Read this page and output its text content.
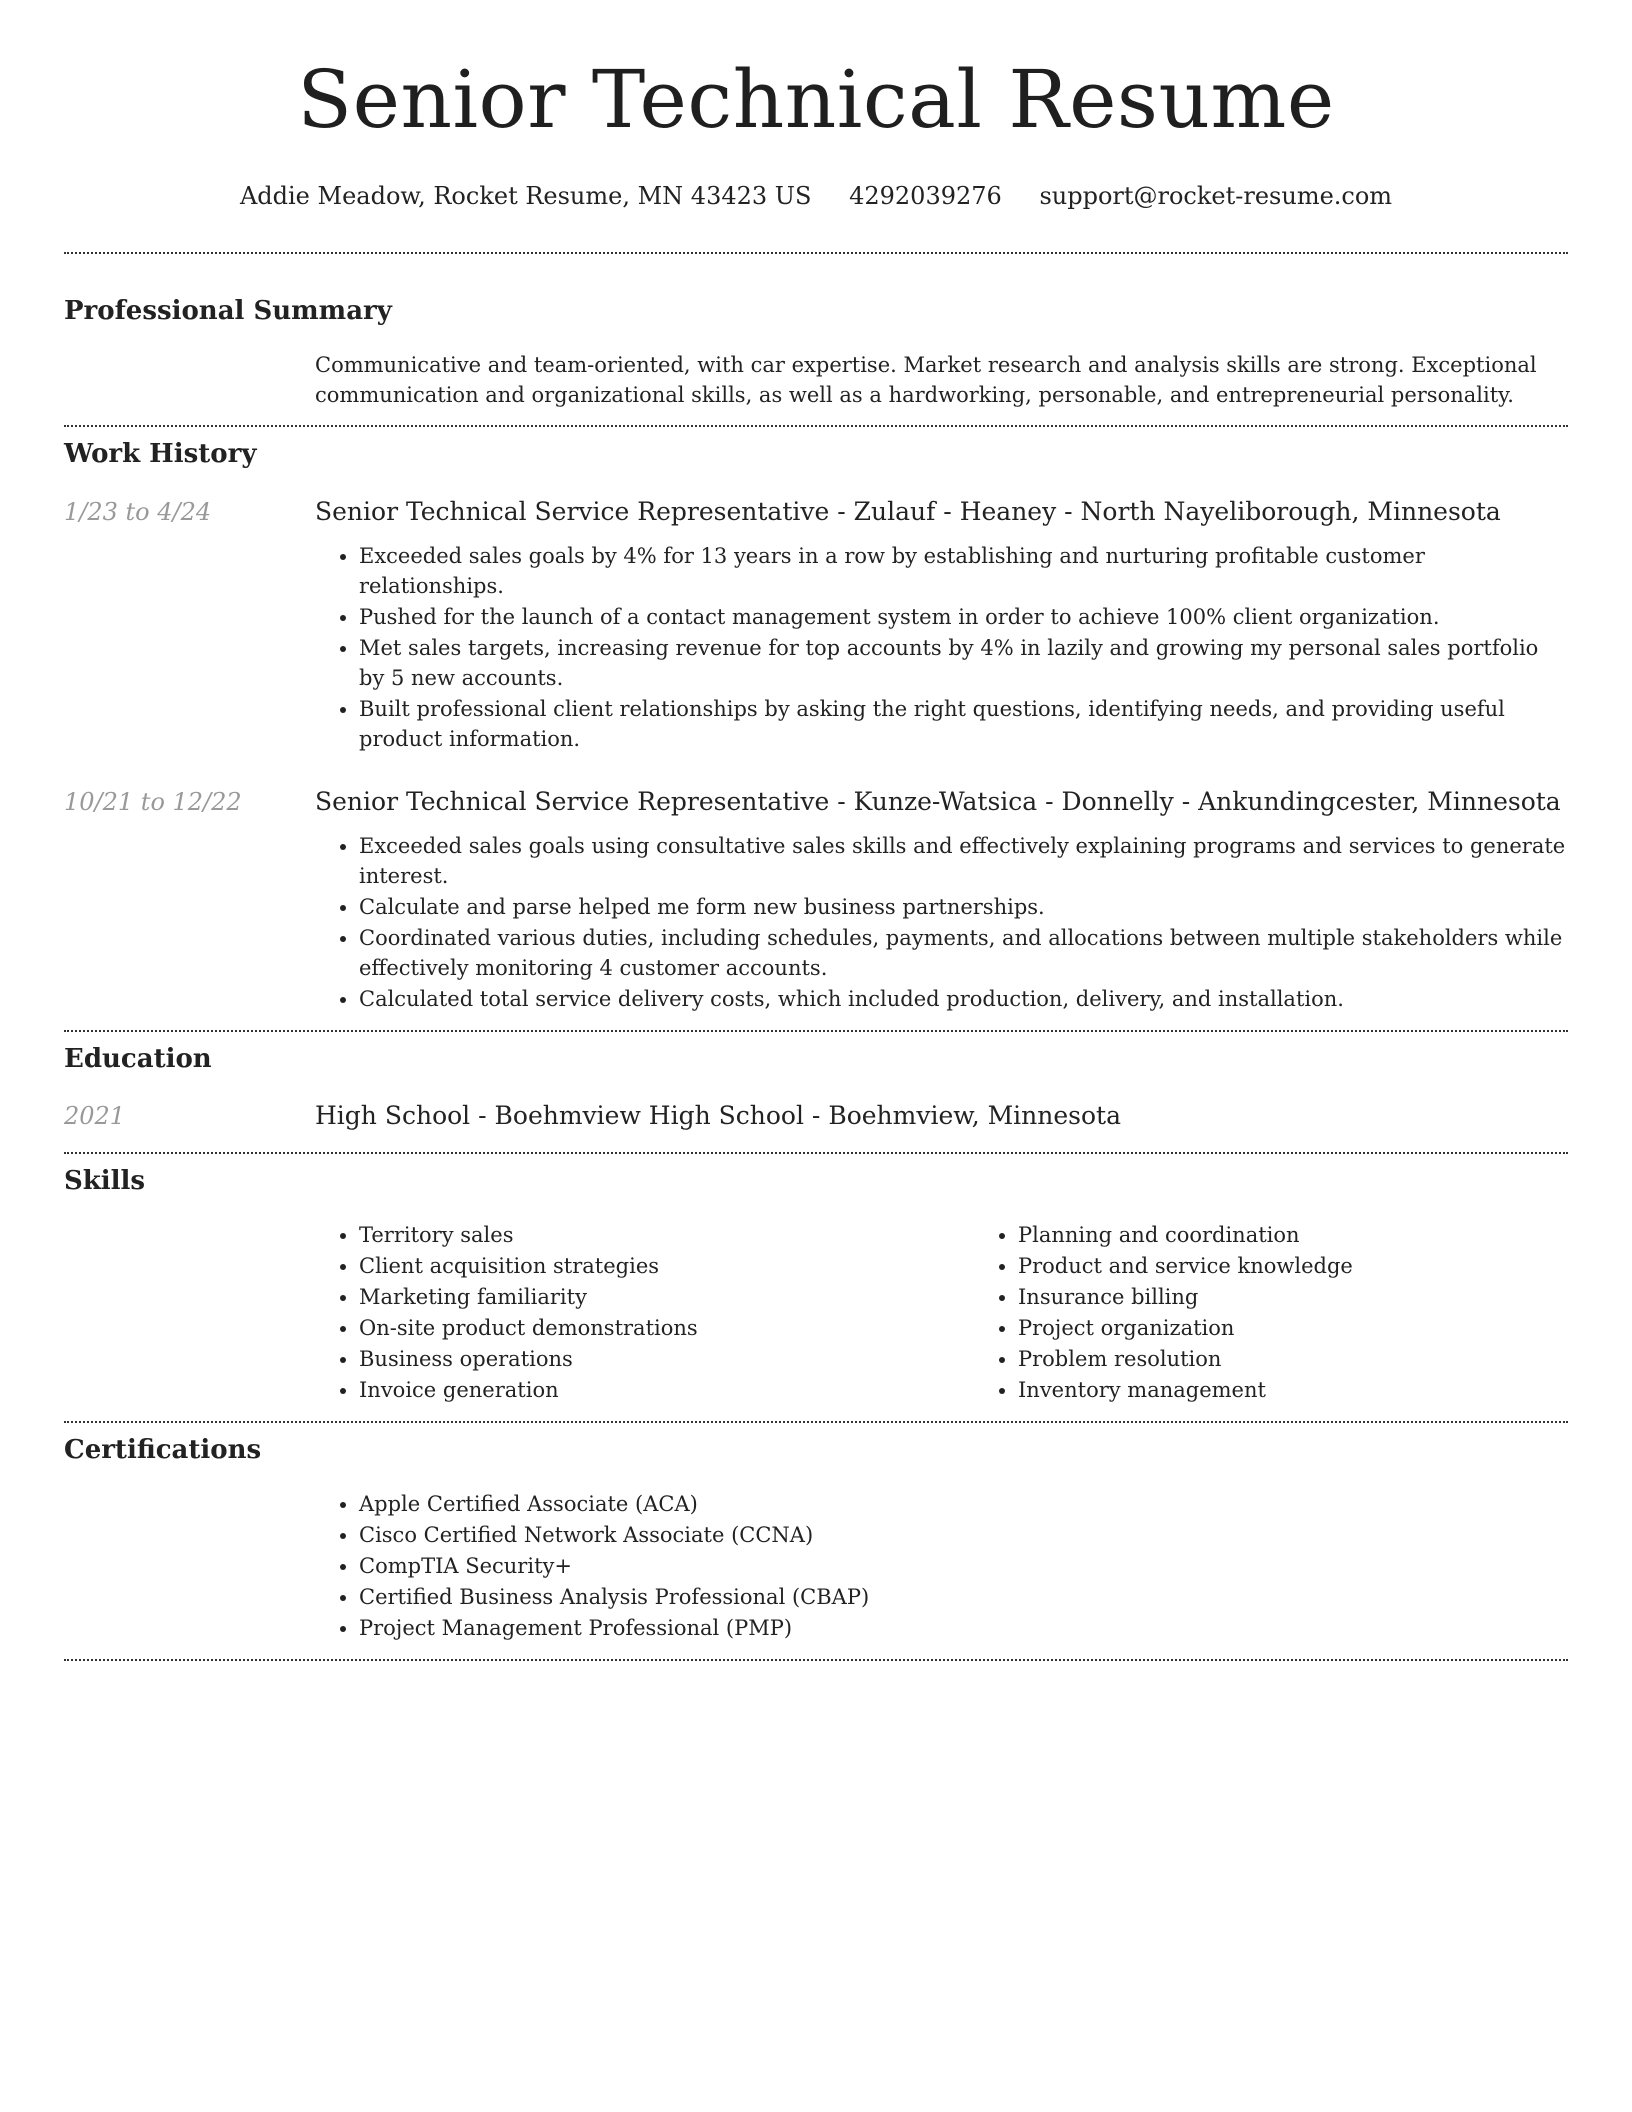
Senior Technical Resume
Addie Meadow, Rocket Resume, MN 43423 US 4292039276 support@rocket-resume.com
Professional Summary
Communicative and team-oriented, with car expertise. Market research and analysis skills are strong. Exceptional communication and organizational skills, as well as a hardworking, personable, and entrepreneurial personality.
Work History
1/23 to 4/24	Senior Technical Service Representative - Zulauf - Heaney - North Nayeliborough, Minnesota
• Exceeded sales goals by 4% for 13 years in a row by establishing and nurturing profitable customer relationships.
• Pushed for the launch of a contact management system in order to achieve 100% client organization.
• Met sales targets, increasing revenue for top accounts by 4% in lazily and growing my personal sales portfolio by 5 new accounts.
• Built professional client relationships by asking the right questions, identifying needs, and providing useful product information.
10/21 to 12/22	Senior Technical Service Representative - Kunze-Watsica - Donnelly - Ankundingcester, Minnesota
• Exceeded sales goals using consultative sales skills and effectively explaining programs and services to generate interest.
• Calculate and parse helped me form new business partnerships.
• Coordinated various duties, including schedules, payments, and allocations between multiple stakeholders while effectively monitoring 4 customer accounts.
• Calculated total service delivery costs, which included production, delivery, and installation.
Education
2021	High School - Boehmview High School - Boehmview, Minnesota
Skills
• Territory sales
• Client acquisition strategies
• Marketing familiarity
• On-site product demonstrations
• Business operations
• Invoice generation
• Planning and coordination
• Product and service knowledge
• Insurance billing
• Project organization
• Problem resolution
• Inventory management
Certifications
• Apple Certified Associate (ACA)
• Cisco Certified Network Associate (CCNA)
• CompTIA Security+
• Certified Business Analysis Professional (CBAP)
• Project Management Professional (PMP)
